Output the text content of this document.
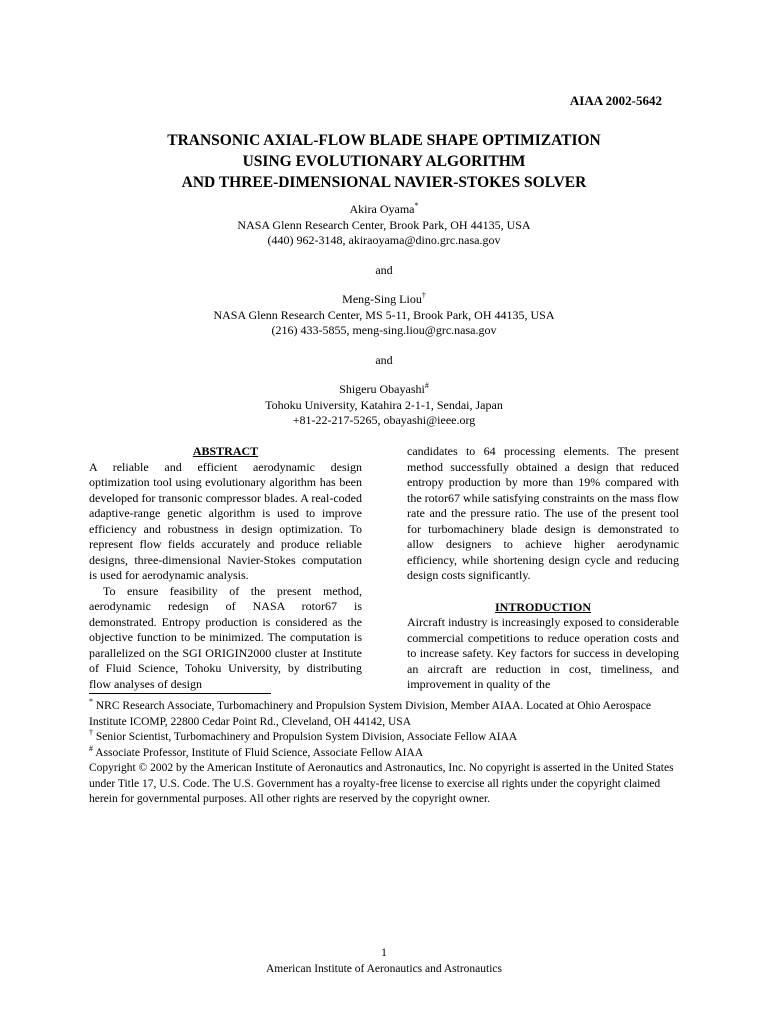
AIAA 2002-5642
TRANSONIC AXIAL-FLOW BLADE SHAPE OPTIMIZATION
USING EVOLUTIONARY ALGORITHM
AND THREE-DIMENSIONAL NAVIER-STOKES SOLVER
Akira Oyama*
NASA Glenn Research Center, Brook Park, OH 44135, USA
(440) 962-3148, akiraoyama@dino.grc.nasa.gov
and
Meng-Sing Liou†
NASA Glenn Research Center, MS 5-11, Brook Park, OH 44135, USA
(216) 433-5855, meng-sing.liou@grc.nasa.gov
and
Shigeru Obayashi#
Tohoku University, Katahira 2-1-1, Sendai, Japan
+81-22-217-5265, obayashi@ieee.org
ABSTRACT

A reliable and efficient aerodynamic design optimization tool using evolutionary algorithm has been developed for transonic compressor blades. A real-coded adaptive-range genetic algorithm is used to improve efficiency and robustness in design optimization. To represent flow fields accurately and produce reliable designs, three-dimensional Navier-Stokes computation is used for aerodynamic analysis.

To ensure feasibility of the present method, aerodynamic redesign of NASA rotor67 is demonstrated. Entropy production is considered as the objective function to be minimized. The computation is parallelized on the SGI ORIGIN2000 cluster at Institute of Fluid Science, Tohoku University, by distributing flow analyses of design

candidates to 64 processing elements. The present method successfully obtained a design that reduced entropy production by more than 19% compared with the rotor67 while satisfying constraints on the mass flow rate and the pressure ratio. The use of the present tool for turbomachinery blade design is demonstrated to allow designers to achieve higher aerodynamic efficiency, while shortening design cycle and reducing design costs significantly.

INTRODUCTION

Aircraft industry is increasingly exposed to considerable commercial competitions to reduce operation costs and to increase safety. Key factors for success in developing an aircraft are reduction in cost, timeliness, and improvement in quality of the

* NRC Research Associate, Turbomachinery and Propulsion System Division, Member AIAA. Located at Ohio Aerospace Institute ICOMP, 22800 Cedar Point Rd., Cleveland, OH 44142, USA

† Senior Scientist, Turbomachinery and Propulsion System Division, Associate Fellow AIAA

# Associate Professor, Institute of Fluid Science, Associate Fellow AIAA

Copyright © 2002 by the American Institute of Aeronautics and Astronautics, Inc. No copyright is asserted in the United States under Title 17, U.S. Code. The U.S. Government has a royalty-free license to exercise all rights under the copyright claimed herein for governmental purposes. All other rights are reserved by the copyright owner.

1
American Institute of Aeronautics and Astronautics
